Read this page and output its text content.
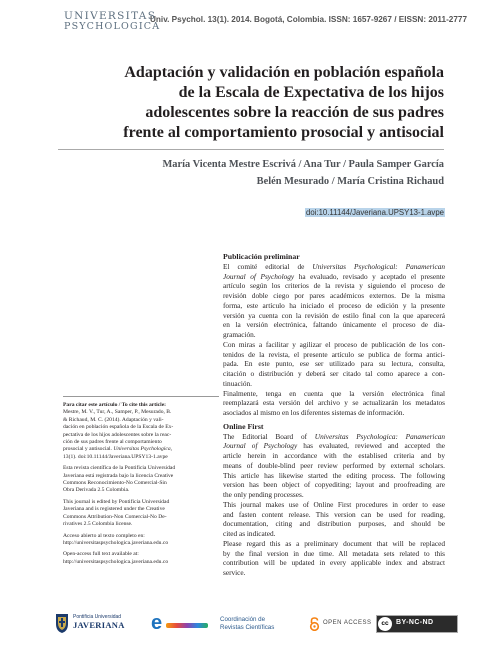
UNIVERSITAS
PSYCHOLOGICA
Univ. Psychol. 13(1). 2014. Bogotá, Colombia. ISSN: 1657-9267 / EISSN: 2011-2777
Adaptación y validación en población española
de la Escala de Expectativa de los hijos
adolescentes sobre la reacción de sus padres
frente al comportamiento prosocial y antisocial
María Vicenta Mestre Escrivá / Ana Tur / Paula Samper García
Belén Mesurado / María Cristina Richaud
doi:10.11144/Javeriana.UPSY13-1.avpe
Publicación preliminar
El comité editorial de Universitas Psychological: Panamerican
Journal of Psychology ha evaluado, revisado y aceptado el presente
artículo según los criterios de la revista y siguiendo el proceso de
revisión doble ciego por pares académicos externos. De la misma
forma, este artículo ha iniciado el proceso de edición y la presente
versión ya cuenta con la revisión de estilo final con la que aparecerá
en la versión electrónica, faltando únicamente el proceso de dia-
gramación.
Con miras a facilitar y agilizar el proceso de publicación de los con-
tenidos de la revista, el presente artículo se publica de forma antici-
pada. En este punto, ese ser utilizado para su lectura, consulta,
citación o distribución y deberá ser citado tal como aparece a con-
tinuación.
Finalmente, tenga en cuenta que la versión electrónica final
reemplazará esta versión del archivo y se actualizarán los metadatos
asociados al mismo en los diferentes sistemas de información.
Online First
The Editorial Board of Universitas Psychologica: Panamerican
Journal of Psychology has evaluated, reviewed and accepted the
article herein in accordance with the establised criteria and by
means of double-blind peer review performed by external scholars.
This article has likewise started the editing process. The following
version has been object of copyediting; layout and proofreading are
the only pending processes.
This journal makes use of Online First procedures in order to ease
and fasten content release. This version can be used for reading,
documentation, citing and distribution purposes, and should be
cited as indicated.
Please regard this as a preliminary document that will be replaced
by the final version in due time. All metadata sets related to this
contribution will be updated in every applicable index and abstract
service.
Para citar este artículo / To cite this article:
Mestre, M. V., Tur, A., Samper, P., Mesurado, B.
& Richaud, M. C. (2014). Adaptación y vali-
dación en población española de la Escala de Ex-
pectativa de los hijos adolescentes sobre la reac-
ción de sus padres frente al comportamiento
prosocial y antisocial. Universitas Psychologica,
13(1). doi:10.11144/Javeriana.UPSY13-1.avpe
Esta revista científica de la Pontificia Universidad
Javeriana está registrada bajo la licencia Creative
Commons Reconocimiento-No Comercial-Sin
Obra Derivada 2.5 Colombia.
This journal is edited by Pontificia Universidad
Javeriana and is registered under the Creative
Commons Attribution-Non Comercial-No De-
rivatives 2.5 Colombia license.
Acceso abierto al texto completo en:
http://universitaspsychologica.javeriana.edu.co
Open-access full text available at:
http://universitaspsychologica.javeriana.edu.co
Pontificia Universidad
JAVERIANA e	Coordinación de
Revistas Científicas
OPEN ACCESS	cc	BY-NC-ND
